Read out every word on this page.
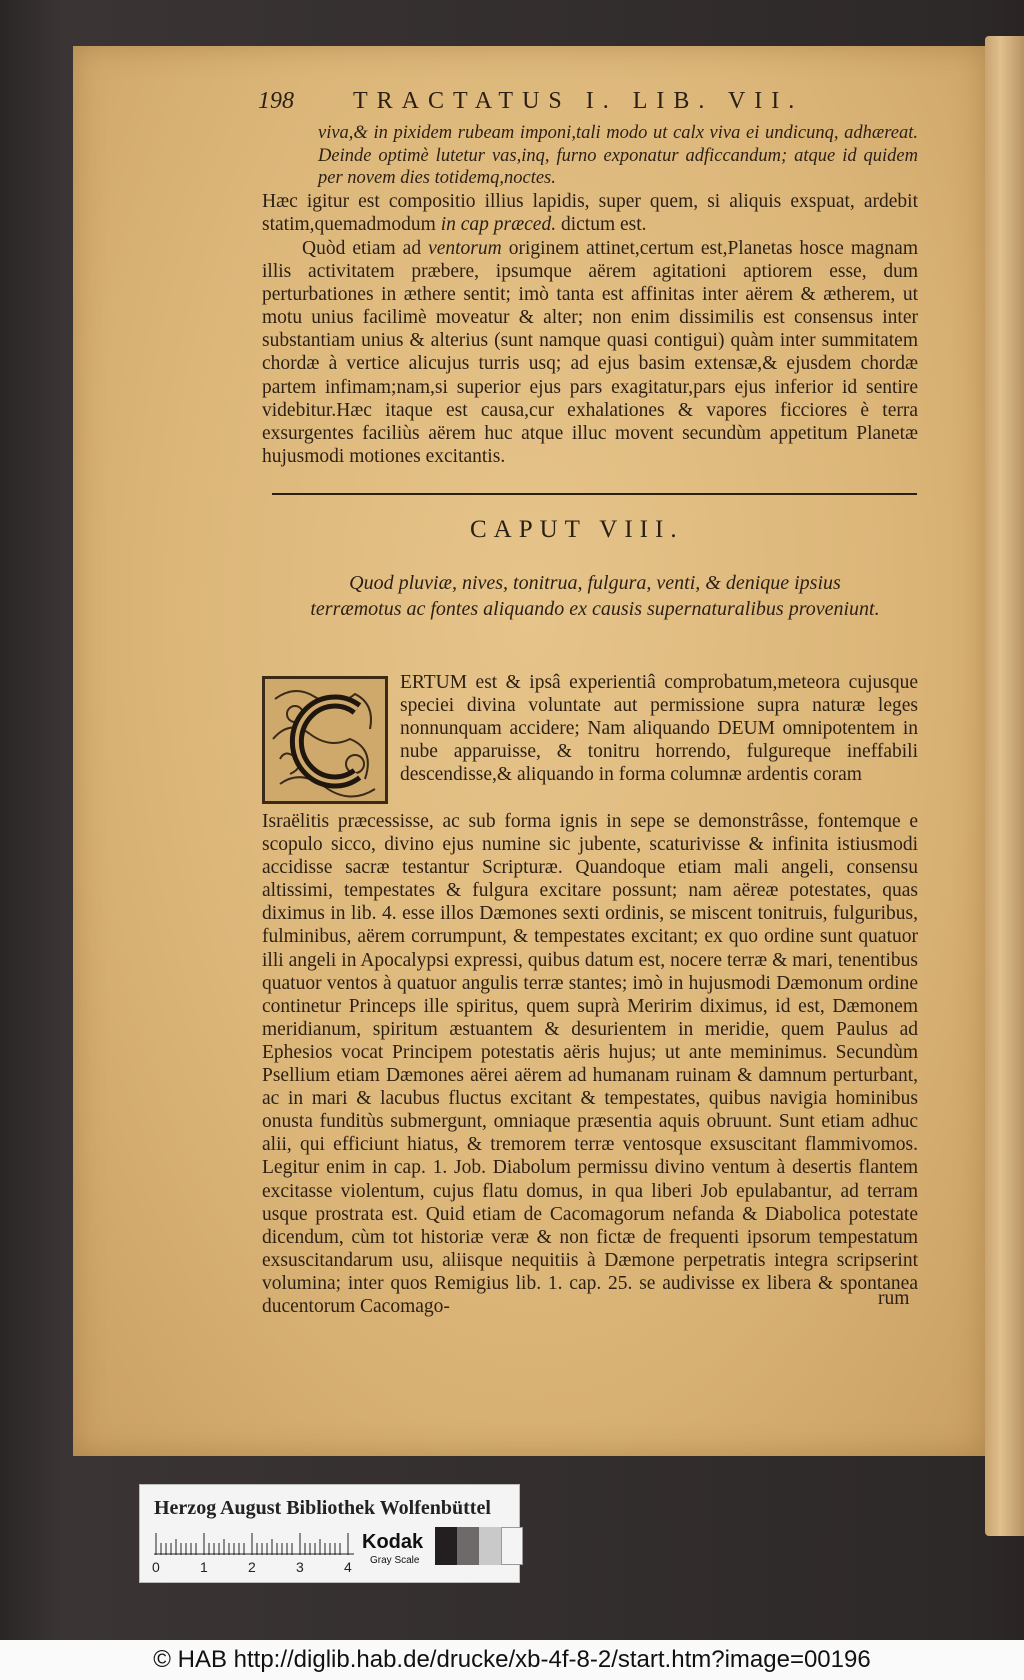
198 TRACTATUS I. LIB. VII.

viva,& in pixidem rubeam imponi,tali modo ut calx viva ei undicunq, adhæreat. Deinde optimè lutetur vas,inq, furno exponatur adficcandum; atque id quidem per novem dies totidemq,noctes.

Hæc igitur est compositio illius lapidis, super quem, si aliquis exspuat, ardebit statim,quemadmodum in cap præced. dictum est.

Quòd etiam ad ventorum originem attinet,certum est,Planetas hosce magnam illis activitatem præbere, ipsumque aërem agitationi aptiorem esse, dum perturbationes in æthere sentit; imò tanta est affinitas inter aërem & ætherem, ut motu unius facilimè moveatur & alter; non enim dissimilis est consensus inter substantiam unius & alterius (sunt namque quasi contigui) quàm inter summitatem chordæ à vertice alicujus turris usq; ad ejus basim extensæ,& ejusdem chordæ partem infimam;nam,si superior ejus pars exagitatur,pars ejus inferior id sentire videbitur.Hæc itaque est causa,cur exhalationes & vapores ficciores è terra exsurgentes faciliùs aërem huc atque illuc movent secundùm appetitum Planetæ hujusmodi motiones excitantis.

CAPUT VIII.

Quod pluviæ, nives, tonitrua, fulgura, venti, & denique ipsius terræmotus ac fontes aliquando ex causis supernaturalibus proveniunt.

ERTUM est & ipsâ experientiâ comprobatum,meteora cujusque speciei divina voluntate aut permissione supra naturæ leges nonnunquam accidere; Nam aliquando DEUM omnipotentem in nube apparuisse, & tonitru horrendo, fulgureque ineffabili descendisse,& aliquando in forma columnæ ardentis coram

Israëlitis præcessisse, ac sub forma ignis in sepe se demonstrâsse, fontemque e scopulo sicco, divino ejus numine sic jubente, scaturivisse & infinita istiusmodi accidisse sacræ testantur Scripturæ. Quandoque etiam mali angeli, consensu altissimi, tempestates & fulgura excitare possunt; nam aëreæ potestates, quas diximus in lib. 4. esse illos Dæmones sexti ordinis, se miscent tonitruis, fulguribus, fulminibus, aërem corrumpunt, & tempestates excitant; ex quo ordine sunt quatuor illi angeli in Apocalypsi expressi, quibus datum est, nocere terræ & mari, tenentibus quatuor ventos à quatuor angulis terræ stantes; imò in hujusmodi Dæmonum ordine continetur Princeps ille spiritus, quem suprà Meririm diximus, id est, Dæmonem meridianum, spiritum æstuantem & desurientem in meridie, quem Paulus ad Ephesios vocat Principem potestatis aëris hujus; ut ante meminimus. Secundùm Psellium etiam Dæmones aërei aërem ad humanam ruinam & damnum perturbant, ac in mari & lacubus fluctus excitant & tempestates, quibus navigia hominibus onusta funditùs submergunt, omniaque præsentia aquis obruunt. Sunt etiam adhuc alii, qui efficiunt hiatus, & tremorem terræ ventosque exsuscitant flammivomos. Legitur enim in cap. 1. Job. Diabolum permissu divino ventum à desertis flantem excitasse violentum, cujus flatu domus, in qua liberi Job epulabantur, ad terram usque prostrata est. Quid etiam de Cacomagorum nefanda & Diabolica potestate dicendum, cùm tot historiæ veræ & non fictæ de frequenti ipsorum tempestatum exsuscitandarum usu, aliisque nequitiis à Dæmone perpetratis integra scripserint volumina; inter quos Remigius lib. 1. cap. 25. se audivisse ex libera & spontanea ducentorum Cacomago-	rum
Herzog August Bibliothek Wolfenbüttel
0	1	2	3	4
Kodak
Gray Scale
© HAB http://diglib.hab.de/drucke/xb-4f-8-2/start.htm?image=00196
